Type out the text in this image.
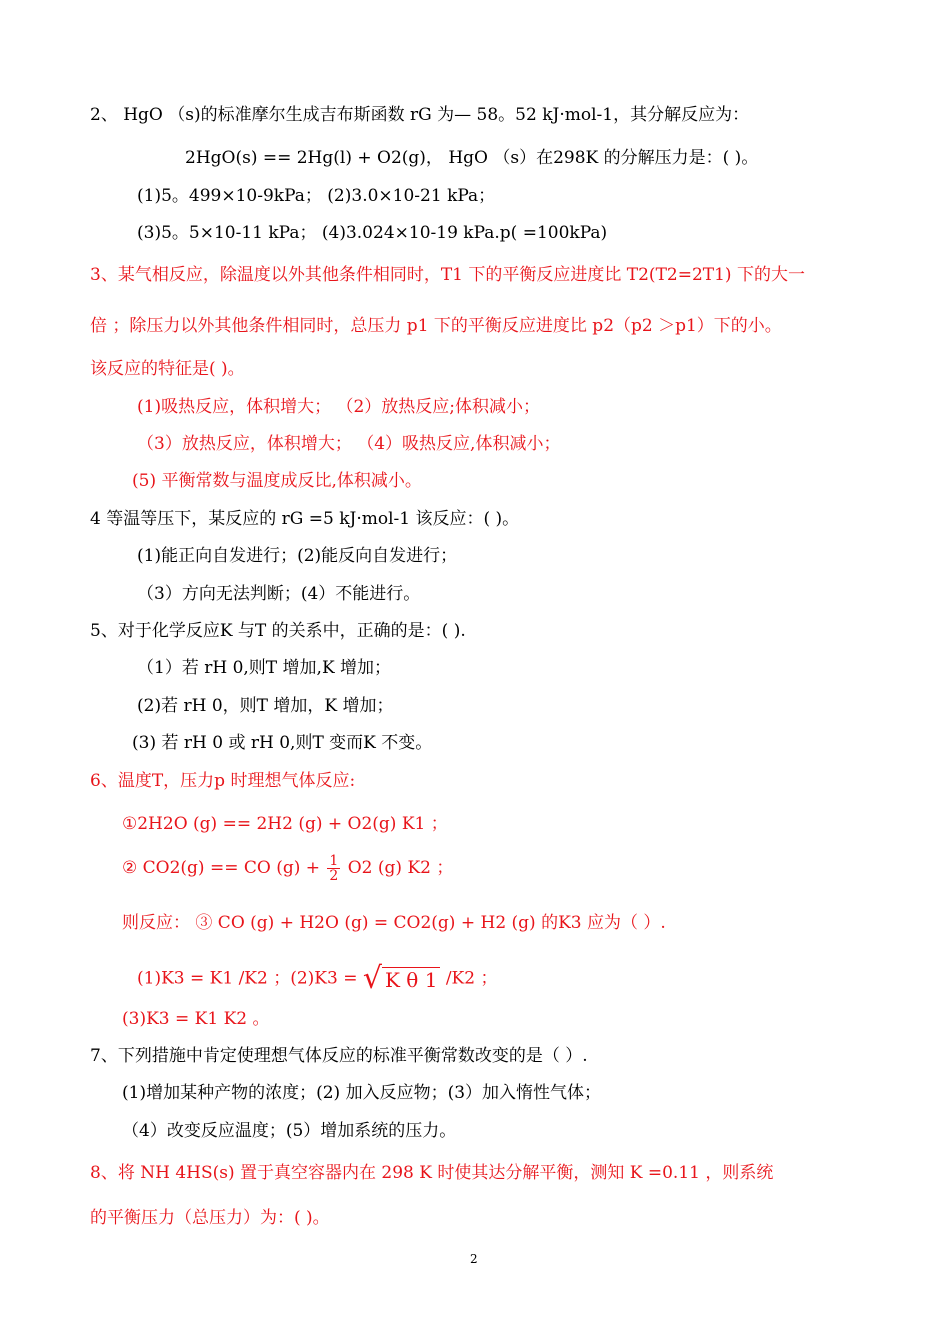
2、 HgO （s)的标准摩尔生成吉布斯函数 rG 为— 58。52 kJ·mol-1，其分解反应为：
2HgO(s) == 2Hg(l) + O2(g)， HgO （s）在298K 的分解压力是：( )。
(1)5。499×10-9kPa； (2)3.0×10-21 kPa；
(3)5。5×10-11 kPa； (4)3.024×10-19 kPa.p( =100kPa)
3、某气相反应，除温度以外其他条件相同时，T1 下的平衡反应进度比 T2(T2=2T1) 下的大一
倍 ；除压力以外其他条件相同时，总压力 p1 下的平衡反应进度比 p2（p2 ＞p1）下的小。
该反应的特征是( )。
(1)吸热反应，体积增大； （2）放热反应;体积减小；
（3）放热反应，体积增大； （4）吸热反应,体积减小；
(5) 平衡常数与温度成反比,体积减小。
4 等温等压下，某反应的 rG =5 kJ·mol-1 该反应：( )。
(1)能正向自发进行；(2)能反向自发进行；
（3）方向无法判断；(4）不能进行。
5、对于化学反应K 与T 的关系中，正确的是：( ).
（1）若 rH 0,则T 增加,K 增加；
(2)若 rH 0，则T 增加，K 增加；
(3) 若 rH 0 或 rH 0,则T 变而K 不变。
6、温度T，压力p 时理想气体反应:
①2H2O (g) == 2H2 (g) + O2(g) K1 ；
② CO2(g) == CO $(g) + \frac{1}{2} O2$ (g) K2 ；
则反应： ③ CO (g) + H2O (g) = CO2(g) + H2 (g) 的K3 应为（ ）.
(1)K3 = K1 /K2 ；(2)K3 = √ K θ 1 /K2 ；
(3)K3 = K1 K2 。
7、下列措施中肯定使理想气体反应的标准平衡常数改变的是（ ）.
(1)增加某种产物的浓度；(2) 加入反应物；(3）加入惰性气体；
（4）改变反应温度；(5）增加系统的压力。
8、将 NH 4HS(s) 置于真空容器内在 298 K 时使其达分解平衡，测知 K =0.11 ，则系统
的平衡压力（总压力）为：( )。
2
